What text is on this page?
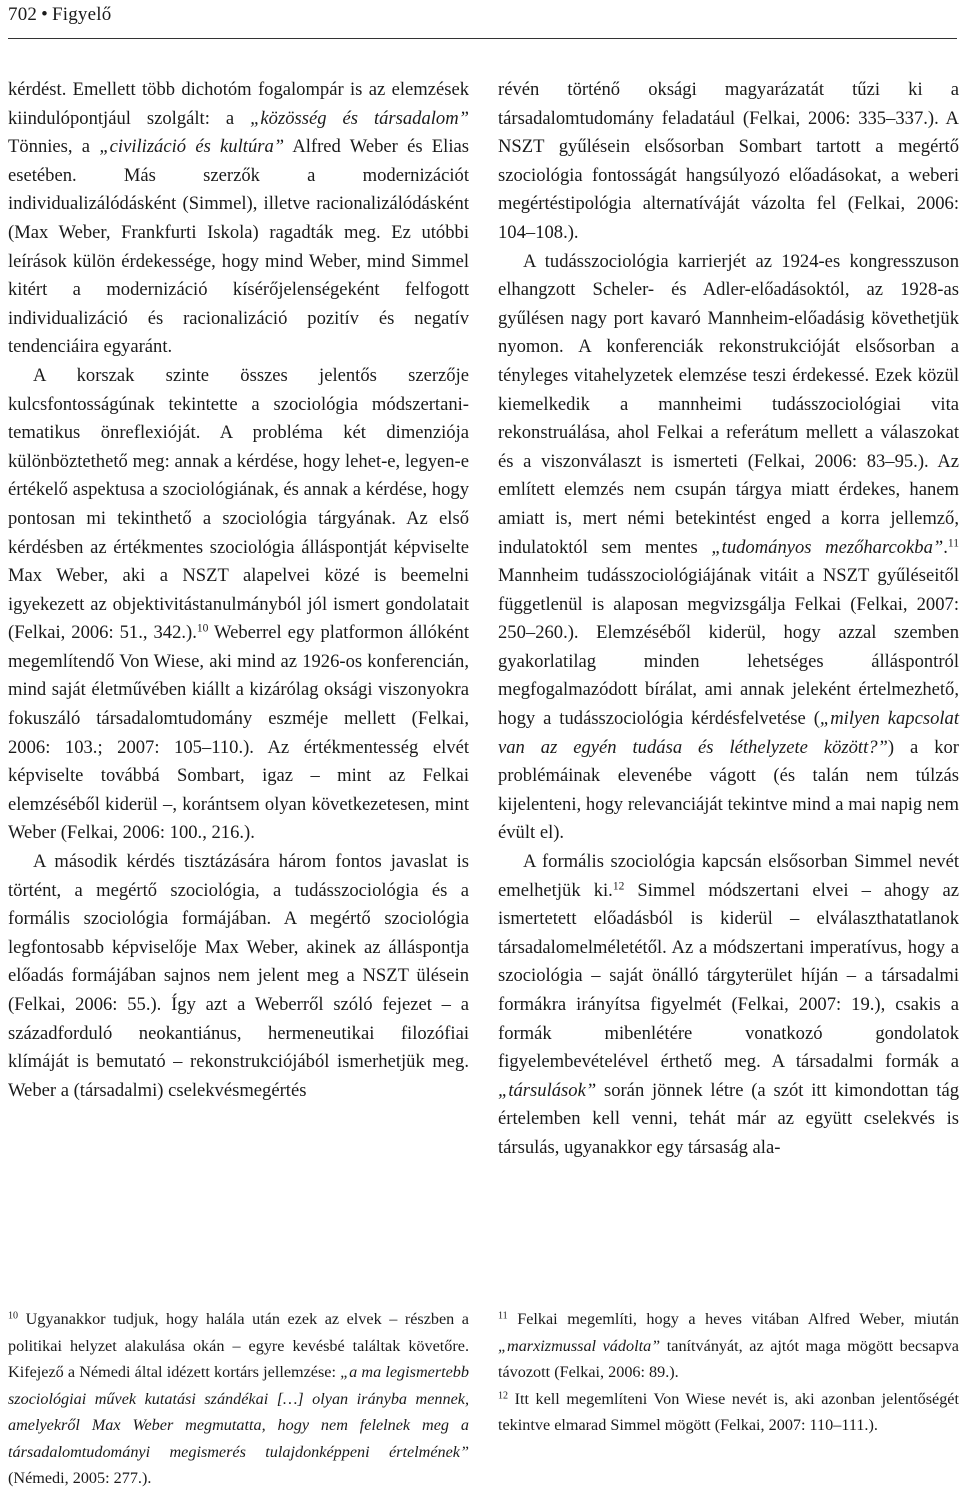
702 • Figyelő

kérdést. Emellett több dichotóm fogalompár is az elemzések kiindulópontjául szolgált: a „közösség és társadalom” Tönnies, a „civilizáció és kultúra” Alfred Weber és Elias esetében. Más szerzők a modernizációt individualizálódásként (Simmel), illetve racionalizálódásként (Max Weber, Frankfurti Iskola) ragadták meg. Ez utóbbi leírások külön érdekessége, hogy mind Weber, mind Simmel kitért a modernizáció kísérőjelenségeként felfogott individualizáció és racionalizáció pozitív és negatív tendenciáira egyaránt.

A korszak szinte összes jelentős szerzője kulcsfontosságúnak tekintette a szociológia módszertani-tematikus önreflexióját. A probléma két dimenziója különböztethető meg: annak a kérdése, hogy lehet-e, legyen-e értékelő aspektusa a szociológiának, és annak a kérdése, hogy pontosan mi tekinthető a szociológia tárgyának. Az első kérdésben az értékmentes szociológia álláspontját képviselte Max Weber, aki a NSZT alapelvei közé is beemelni igyekezett az objektivitástanulmányból jól ismert gondolatait (Felkai, 2006: 51., 342.).$^{10}$ Weberrel egy platformon állóként megemlítendő Von Wiese, aki mind az 1926-os konferencián, mind saját életművében kiállt a kizárólag oksági viszonyokra fokuszáló társadalomtudomány eszméje mellett (Felkai, 2006: 103.; 2007: 105–110.). Az értékmentesség elvét képviselte továbbá Sombart, igaz – mint az Felkai elemzéséből kiderül –, korántsem olyan következetesen, mint Weber (Felkai, 2006: 100., 216.).

A második kérdés tisztázására három fontos javaslat is történt, a megértő szociológia, a tudásszociológia és a formális szociológia formájában. A megértő szociológia legfontosabb képviselője Max Weber, akinek az álláspontja előadás formájában sajnos nem jelent meg a NSZT ülésein (Felkai, 2006: 55.). Így azt a Weberről szóló fejezet – a századforduló neokantiánus, hermeneutikai filozófiai klímáját is bemutató – rekonstrukciójából ismerhetjük meg. Weber a (társadalmi) cselekvésmegértés

révén történő oksági magyarázatát tűzi ki a társadalomtudomány feladatául (Felkai, 2006: 335–337.). A NSZT gyűlésein elsősorban Sombart tartott a megértő szociológia fontosságát hangsúlyozó előadásokat, a weberi megértéstipológia alternatíváját vázolta fel (Felkai, 2006: 104–108.).

A tudásszociológia karrierjét az 1924-es kongresszuson elhangzott Scheler- és Adler-előadásoktól, az 1928-as gyűlésen nagy port kavaró Mannheim-előadásig követhetjük nyomon. A konferenciák rekonstrukcióját elsősorban a tényleges vitahelyzetek elemzése teszi érdekessé. Ezek közül kiemelkedik a mannheimi tudásszociológiai vita rekonstruálása, ahol Felkai a referátum mellett a válaszokat és a viszonválaszt is ismerteti (Felkai, 2006: 83–95.). Az említett elemzés nem csupán tárgya miatt érdekes, hanem amiatt is, mert némi betekintést enged a korra jellemző, indulatoktól sem mentes „tudományos mezőharcokba”.$^{11}$ Mannheim tudásszociológiájának vitáit a NSZT gyűléseitől függetlenül is alaposan megvizsgálja Felkai (Felkai, 2007: 250–260.). Elemzéséből kiderül, hogy azzal szemben gyakorlatilag minden lehetséges álláspontról megfogalmazódott bírálat, ami annak jeleként értelmezhető, hogy a tudásszociológia kérdésfelvetése („milyen kapcsolat van az egyén tudása és léthelyzete között?”) a kor problémáinak elevenébe vágott (és talán nem túlzás kijelenteni, hogy relevanciáját tekintve mind a mai napig nem évült el).

A formális szociológia kapcsán elsősorban Simmel nevét emelhetjük ki.$^{12}$ Simmel módszertani elvei – ahogy az ismertetett előadásból is kiderül – elválaszthatatlanok társadalomelméletétől. Az a módszertani imperatívus, hogy a szociológia – saját önálló tárgyterület híján – a társadalmi formákra irányítsa figyelmét (Felkai, 2007: 19.), csakis a formák mibenlétére vonatkozó gondolatok figyelembevételével érthető meg. A társadalmi formák a „társulások” során jönnek létre (a szót itt kimondottan tág értelemben kell venni, tehát már az együtt cselekvés is társulás, ugyanakkor egy társaság ala-

$^{10}$ Ugyanakkor tudjuk, hogy halála után ezek az elvek – részben a politikai helyzet alakulása okán – egyre kevésbé találtak követőre. Kifejező a Némedi által idézett kortárs jellemzése: „a ma legismertebb szociológiai művek kutatási szándékai […] olyan irányba mennek, amelyekről Max Weber megmutatta, hogy nem felelnek meg a társadalomtudományi megismerés tulajdonképpeni értelmének” (Némedi, 2005: 277.).

$^{11}$ Felkai megemlíti, hogy a heves vitában Alfred Weber, miután „marxizmussal vádolta” tanítványát, az ajtót maga mögött becsapva távozott (Felkai, 2006: 89.).

$^{12}$ Itt kell megemlíteni Von Wiese nevét is, aki azonban jelentőségét tekintve elmarad Simmel mögött (Felkai, 2007: 110–111.).
